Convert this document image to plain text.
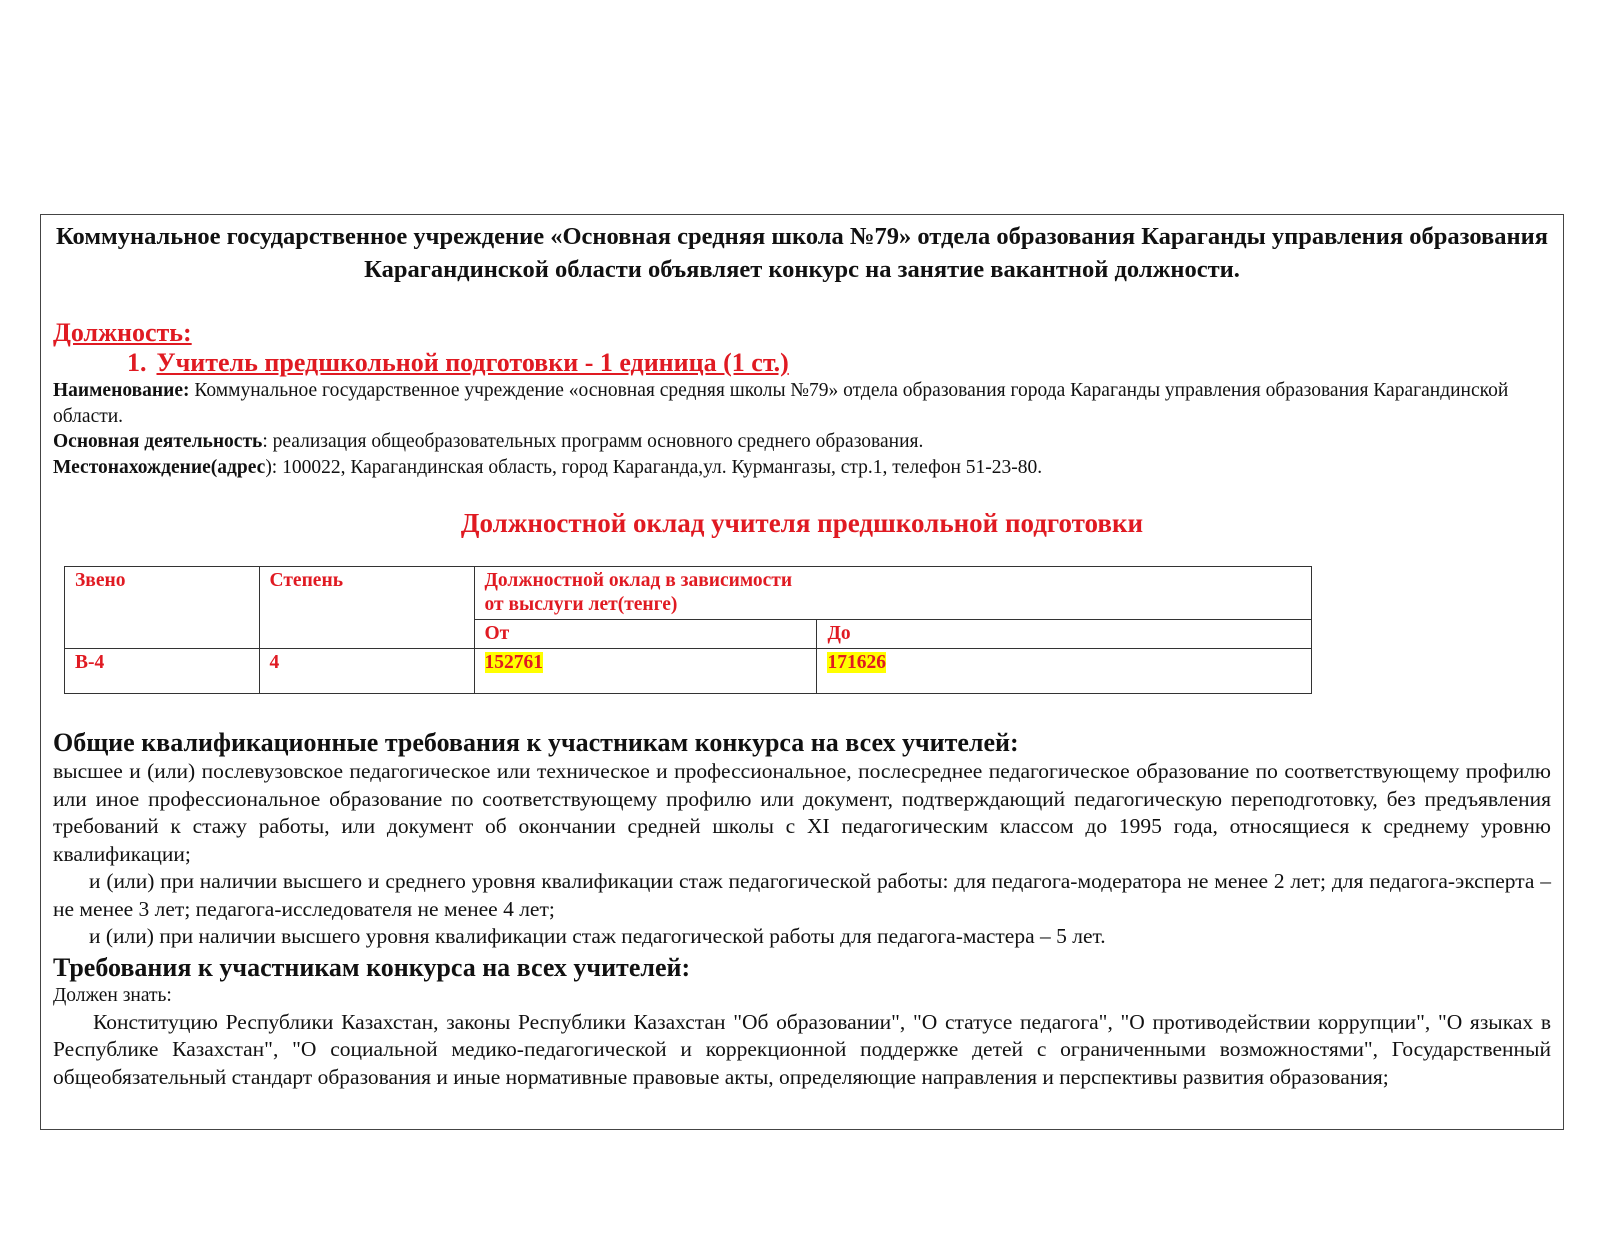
Коммунальное государственное учреждение «Основная средняя школа №79» отдела образования Караганды управления образования Карагандинской области объявляет конкурс на занятие вакантной должности.

Должность:
1. Учитель предшкольной подготовки - 1 единица (1 ст.)

Наименование: Коммунальное государственное учреждение «основная средняя школы №79» отдела образования города Караганды управления образования Карагандинской области.

Основная деятельность: реализация общеобразовательных программ основного среднего образования.

Местонахождение(адрес): 100022, Карагандинская область, город Караганда,ул. Курмангазы, стр.1, телефон 51-23-80.

Должностной оклад учителя предшкольной подготовки

Звено	Степень	Должностной оклад в зависимости
от выслуги лет(тенге)	

		От	До
В-4	4	152761	171626

Общие квалификационные требования к участникам конкурса на всех учителей:

высшее и (или) послевузовское педагогическое или техническое и профессиональное, послесреднее педагогическое образование по соответствующему профилю или иное профессиональное образование по соответствующему профилю или документ, подтверждающий педагогическую переподготовку, без предъявления требований к стажу работы, или документ об окончании средней школы с XI педагогическим классом до 1995 года, относящиеся к среднему уровню квалификации;

и (или) при наличии высшего и среднего уровня квалификации стаж педагогической работы: для педагога-модератора не менее 2 лет; для педагога-эксперта – не менее 3 лет; педагога-исследователя не менее 4 лет;

и (или) при наличии высшего уровня квалификации стаж педагогической работы для педагога-мастера – 5 лет.

Требования к участникам конкурса на всех учителей:

Должен знать:

Конституцию Республики Казахстан, законы Республики Казахстан "Об образовании", "О статусе педагога", "О противодействии коррупции", "О языках в Республике Казахстан", "О социальной медико-педагогической и коррекционной поддержке детей с ограниченными возможностями", Государственный общеобязательный стандарт образования и иные нормативные правовые акты, определяющие направления и перспективы развития образования;
